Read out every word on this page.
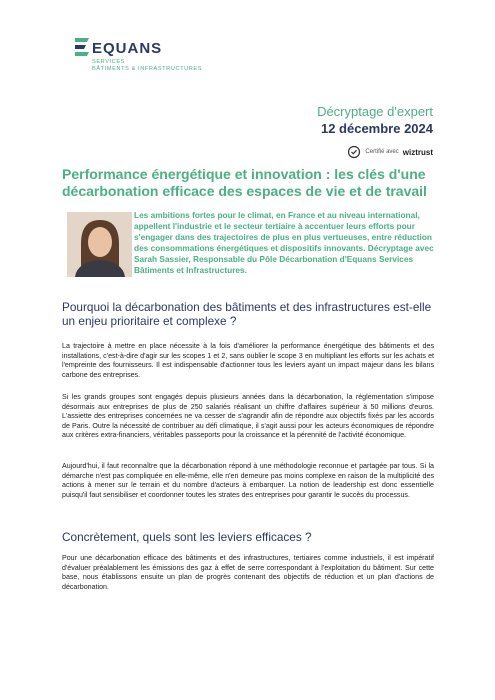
EQUANS
SERVICES
BÂTIMENTS & INFRASTRUCTURES
Décryptage d'expert
12 décembre 2024
Certifié avec wiztrust
Performance énergétique et innovation : les clés d'une décarbonation efficace des espaces de vie et de travail
Les ambitions fortes pour le climat, en France et au niveau international, appellent l'industrie et le secteur tertiaire à accentuer leurs efforts pour s'engager dans des trajectoires de plus en plus vertueuses, entre réduction des consommations énergétiques et dispositifs innovants. Décryptage avec Sarah Sassier, Responsable du Pôle Décarbonation d'Equans Services Bâtiments et Infrastructures.
Pourquoi la décarbonation des bâtiments et des infrastructures est-elle un enjeu prioritaire et complexe ?
La trajectoire à mettre en place nécessite à la fois d'améliorer la performance énergétique des bâtiments et des installations, c'est-à-dire d'agir sur les scopes 1 et 2, sans oublier le scope 3 en multipliant les efforts sur les achats et l'empreinte des fournisseurs. Il est indispensable d'actionner tous les leviers ayant un impact majeur dans les bilans carbone des entreprises.
Si les grands groupes sont engagés depuis plusieurs années dans la décarbonation, la réglementation s'impose désormais aux entreprises de plus de 250 salariés réalisant un chiffre d'affaires supérieur à 50 millions d'euros. L'assiette des entreprises concernées ne va cesser de s'agrandir afin de répondre aux objectifs fixés par les accords de Paris. Outre la nécessité de contribuer au défi climatique, il s'agit aussi pour les acteurs économiques de répondre aux critères extra-financiers, véritables passeports pour la croissance et la pérennité de l'activité économique.
Aujourd'hui, il faut reconnaître que la décarbonation répond à une méthodologie reconnue et partagée par tous. Si la démarche n'est pas compliquée en elle-même, elle n'en demeure pas moins complexe en raison de la multiplicité des actions à mener sur le terrain et du nombre d'acteurs à embarquer. La notion de leadership est donc essentielle puisqu'il faut sensibiliser et coordonner toutes les strates des entreprises pour garantir le succès du processus.
Concrètement, quels sont les leviers efficaces ?
Pour une décarbonation efficace des bâtiments et des infrastructures, tertiaires comme industriels, il est impératif d'évaluer préalablement les émissions des gaz à effet de serre correspondant à l'exploitation du bâtiment. Sur cette base, nous établissons ensuite un plan de progrès contenant des objectifs de réduction et un plan d'actions de décarbonation.
